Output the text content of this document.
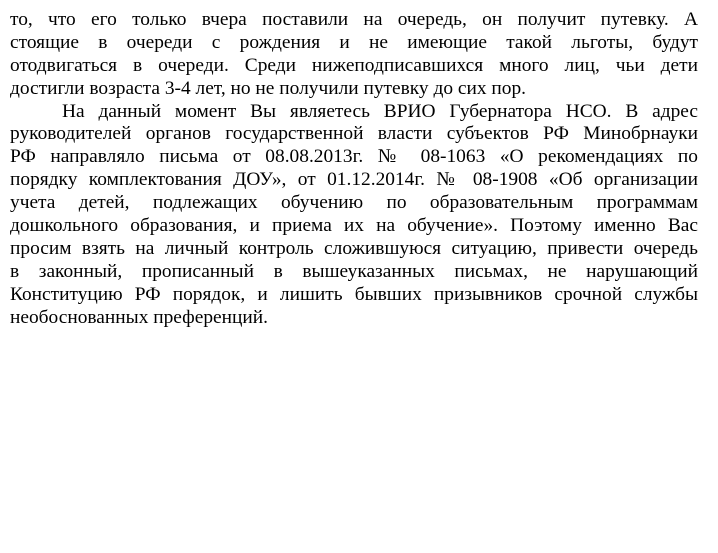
то, что его только вчера поставили на очередь, он получит путевку. А
стоящие в очереди с рождения и не имеющие такой льготы, будут
отодвигаться в очереди. Среди нижеподписавшихся много лиц, чьи дети
достигли возраста 3-4 лет, но не получили путевку до сих пор.

На данный момент Вы являетесь ВРИО Губернатора НСО. В адрес
руководителей органов государственной власти субъектов РФ Минобрнауки
РФ направляло письма от 08.08.2013г. № 08-1063 «О рекомендациях по
порядку комплектования ДОУ», от 01.12.2014г. № 08-1908 «Об организации
учета детей, подлежащих обучению по образовательным программам
дошкольного образования, и приема их на обучение». Поэтому именно Вас
просим взять на личный контроль сложившуюся ситуацию, привести очередь
в законный, прописанный в вышеуказанных письмах, не нарушающий
Конституцию РФ порядок, и лишить бывших призывников срочной службы
необоснованных преференций.
